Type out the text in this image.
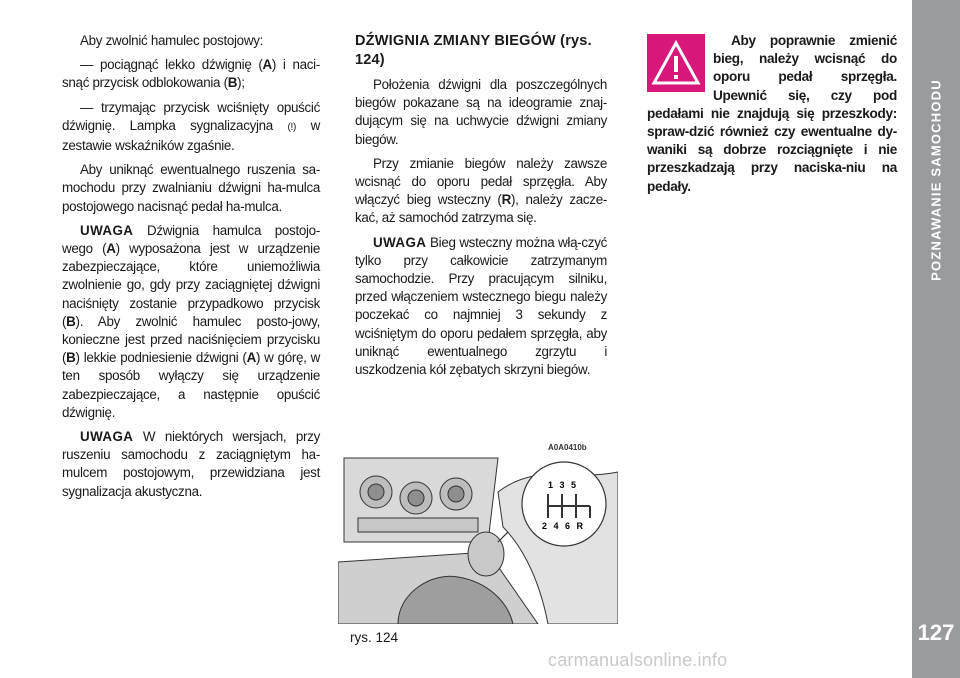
Aby zwolnić hamulec postojowy:

— pociągnąć lekko dźwignię (A) i naci-snąć przycisk odblokowania (B);

— trzymając przycisk wciśnięty opuścić dźwignię. Lampka sygnalizacyjna (!) w zestawie wskaźników zgaśnie.

Aby uniknąć ewentualnego ruszenia sa-mochodu przy zwalnianiu dźwigni ha-mulca postojowego nacisnąć pedał ha-mulca.

UWAGA Dźwignia hamulca postojo-wego (A) wyposażona jest w urządzenie zabezpieczające, które uniemożliwia zwolnienie go, gdy przy zaciągniętej dźwigni naciśnięty zostanie przypadkowo przycisk (B). Aby zwolnić hamulec posto-jowy, konieczne jest przed naciśnięciem przycisku (B) lekkie podniesienie dźwigni (A) w górę, w ten sposób wyłączy się urządzenie zabezpieczające, a następnie opuścić dźwignię.

UWAGA W niektórych wersjach, przy ruszeniu samochodu z zaciągniętym ha-mulcem postojowym, przewidziana jest sygnalizacja akustyczna.

DŹWIGNIA ZMIANY BIEGÓW (rys. 124)

Położenia dźwigni dla poszczególnych biegów pokazane są na ideogramie znaj-dującym się na uchwycie dźwigni zmiany biegów.

Przy zmianie biegów należy zawsze wcisnąć do oporu pedał sprzęgła. Aby włączyć bieg wsteczny (R), należy zacze-kać, aż samochód zatrzyma się.

UWAGA Bieg wsteczny można włą-czyć tylko przy całkowicie zatrzymanym samochodzie. Przy pracującym silniku, przed włączeniem wstecznego biegu należy poczekać co najmniej 3 sekundy z wciśniętym do oporu pedałem sprzęgła, aby uniknąć ewentualnego zgrzytu i uszkodzenia kół zębatych skrzyni biegów.

Aby poprawnie zmienić bieg, należy wcisnąć do oporu pedał sprzęgła. Upewnić się, czy pod pedałami nie znajdują się przeszkody: spraw-dzić również czy ewentualne dy-waniki są dobrze rozciągnięte i nie przeszkadzają przy naciska-niu na pedały.

A0A0410b
1 3 5
2 4 6 R
rys. 124
POZNAWANIE SAMOCHODU
127
carmanualsonline.info
